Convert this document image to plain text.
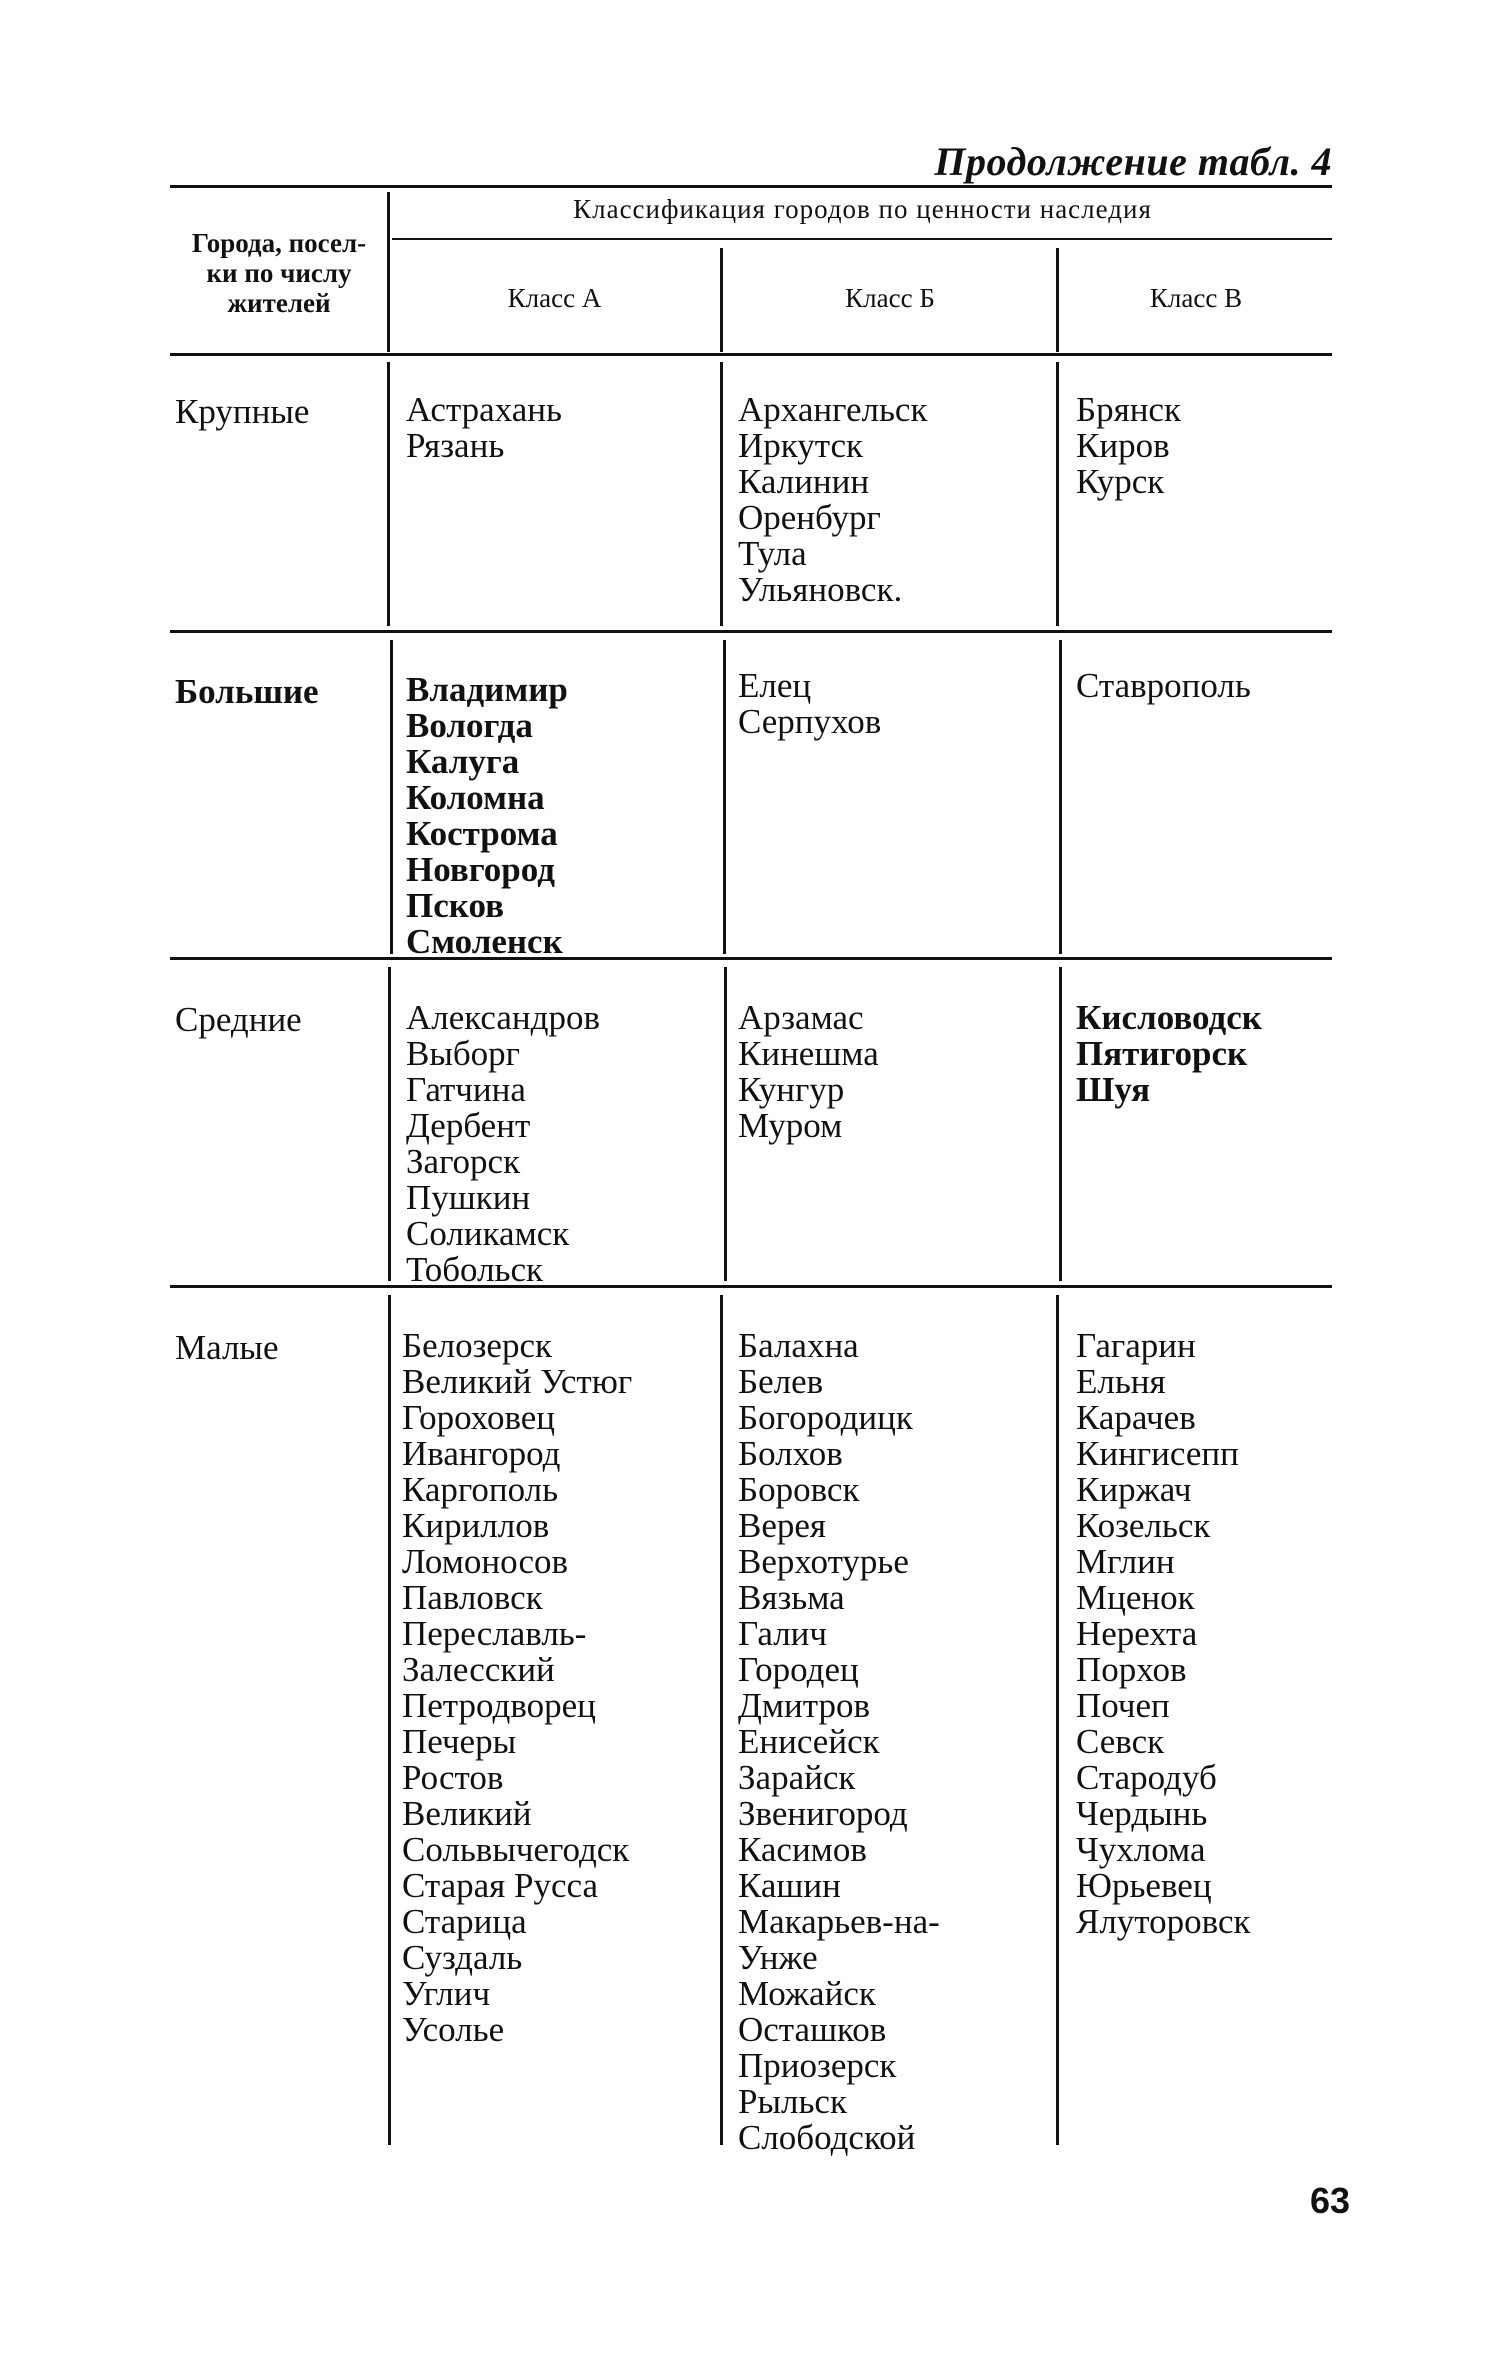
Продолжение табл. 4
Города, посел-
ки по числу
жителей
Классификация городов по ценности наследия
Класс А	Класс Б	Класс В
Крупные
Большие
Средние
Малые
Астрахань
Рязань
Архангельск
Иркутск
Калинин
Оренбург
Тула
Ульяновск.
Брянск
Киров
Курск
Владимир
Вологда
Калуга
Коломна
Кострома
Новгород
Псков
Смоленск
Елец
Серпухов
Ставрополь
Александров
Выборг
Гатчина
Дербент
Загорск
Пушкин
Соликамск
Тобольск
Арзамас
Кинешма
Кунгур
Муром
Кисловодск
Пятигорск
Шуя
Белозерск
Великий Устюг
Гороховец
Ивангород
Каргополь
Кириллов
Ломоносов
Павловск
Переславль-
Залесский
Петродворец
Печеры
Ростов
Великий
Сольвычегодск
Старая Русса
Старица
Суздаль
Углич
Усолье
Балахна
Белев
Богородицк
Болхов
Боровск
Верея
Верхотурье
Вязьма
Галич
Городец
Дмитров
Енисейск
Зарайск
Звенигород
Касимов
Кашин
Макарьев-на-
Унже
Можайск
Осташков
Приозерск
Рыльск
Слободской
Гагарин
Ельня
Карачев
Кингисепп
Киржач
Козельск
Мглин
Мценок
Нерехта
Порхов
Почеп
Севск
Стародуб
Чердынь
Чухлома
Юрьевец
Ялуторовск
63
